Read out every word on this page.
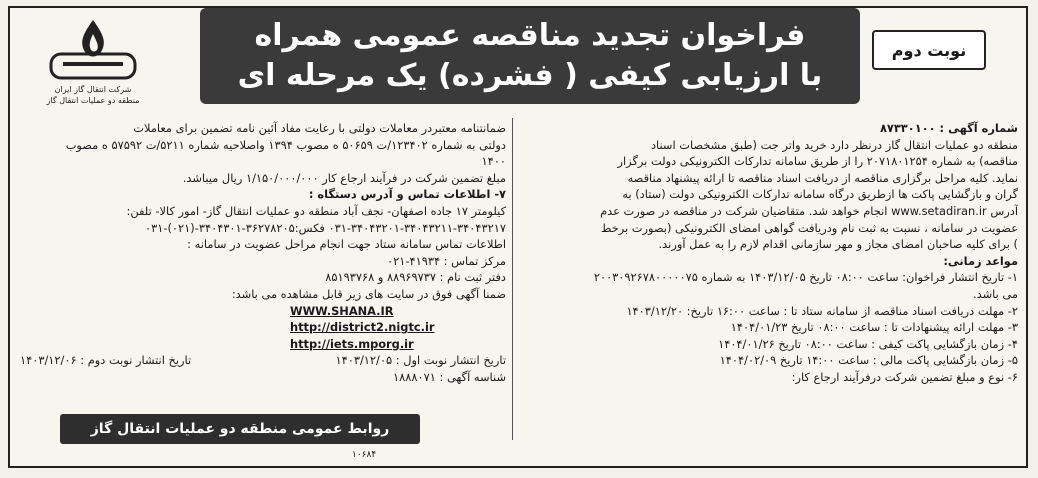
شرکت انتقال گاز ایران
منطقه دو عملیات انتقال گاز
فراخوان تجدید مناقصه عمومی همراه
با ارزیابی کیفی ( فشرده) یک مرحله ای
نوبت دوم
شماره آگهی : ۸۷۳۳۰۱۰۰
منطقه دو عملیات انتقال گاز درنظر دارد خرید واتر جت (طبق مشخصات اسناد
مناقصه) به شماره ۲۰۷۱۸۰۱۲۵۴ را از طریق سامانه تدارکات الکترونیکی دولت برگزار
نماید. کلیه مراحل برگزاری مناقصه از دریافت اسناد مناقصه تا ارائه پیشنهاد مناقصه
گران و بازگشایی پاکت ها ازطریق درگاه سامانه تدارکات الکترونیکی دولت (ستاد) به
آدرس www.setadiran.ir انجام خواهد شد. متقاضیان شرکت در مناقصه در صورت عدم
عضویت در سامانه ، نسبت به ثبت نام ودریافت گواهی امضای الکترونیکی (بصورت برخط
) برای کلیه صاحبان امضای مجاز و مهر سازمانی اقدام لازم را به عمل آورند.
مواعد زمانی:
۱- تاریخ انتشار فراخوان: ساعت ۰۸:۰۰ تاریخ ۱۴۰۳/۱۲/۰۵ به شماره ۲۰۰۳۰۹۲۶۷۸۰۰۰۰۰۷۵
می باشد.
۲- مهلت دریافت اسناد مناقصه از سامانه ستاد تا : ساعت ۱۶:۰۰ تاریخ: ۱۴۰۳/۱۲/۲۰
۳- مهلت ارائه پیشنهادات تا : ساعت ۰۸:۰۰ تاریخ ۱۴۰۴/۰۱/۲۳
۴- زمان بازگشایی پاکت کیفی : ساعت ۰۸:۰۰ تاریخ ۱۴۰۴/۰۱/۲۶
۵- زمان بازگشایی پاکت مالی : ساعت ۱۴:۰۰ تاریخ ۱۴۰۴/۰۲/۰۹
۶- نوع و مبلغ تضمین شرکت درفرآیند ارجاع کار:
ضمانتنامه معتبردر معاملات دولتی با رعایت مفاد آئین نامه تضمین برای معاملات
دولتی به شماره ۱۲۳۴۰۲/ت ۵۰۶۵۹ ه مصوب ۱۳۹۴ واصلاحیه شماره ۵۲۱۱/ت ۵۷۵۹۲ ه مصوب
۱۴۰۰
مبلغ تضمین شرکت در فرآیند ارجاع کار ۱/۱۵۰/۰۰۰/۰۰۰ ریال میباشد.
۷- اطلاعات تماس و آدرس دستگاه :
کیلومتر ۱۷ جاده اصفهان- نجف آباد منطقه دو عملیات انتقال گاز- امور کالا- تلفن:
۰۳۱-۳۴۰۴۳۲۰۱-۳۴۰۴۳۲۱۱-۳۴۰۴۳۲۱۷ فکس:۳۶۲۷۸۲۰۵-۳۴۰۴۳۰۱-(۰۲۱)-۰۳۱
اطلاعات تماس سامانه ستاد جهت انجام مراحل عضویت در سامانه :
مرکز تماس : ۴۱۹۳۴-۰۲۱
دفتر ثبت نام : ۸۸۹۶۹۷۳۷ و ۸۵۱۹۳۷۶۸
ضمنا آگهی فوق در سایت های زیر قابل مشاهده می باشد:
WWW.SHANA.IR
http://district2.nigtc.ir
http://iets.mporg.ir
تاریخ انتشار نوبت اول : ۱۴۰۳/۱۲/۰۵
تاریخ انتشار نوبت دوم : ۱۴۰۳/۱۲/۰۶
شناسه آگهی : ۱۸۸۸۰۷۱
روابط عمومی منطقه دو عملیات انتقال گاز
۱۰۶۸۴
